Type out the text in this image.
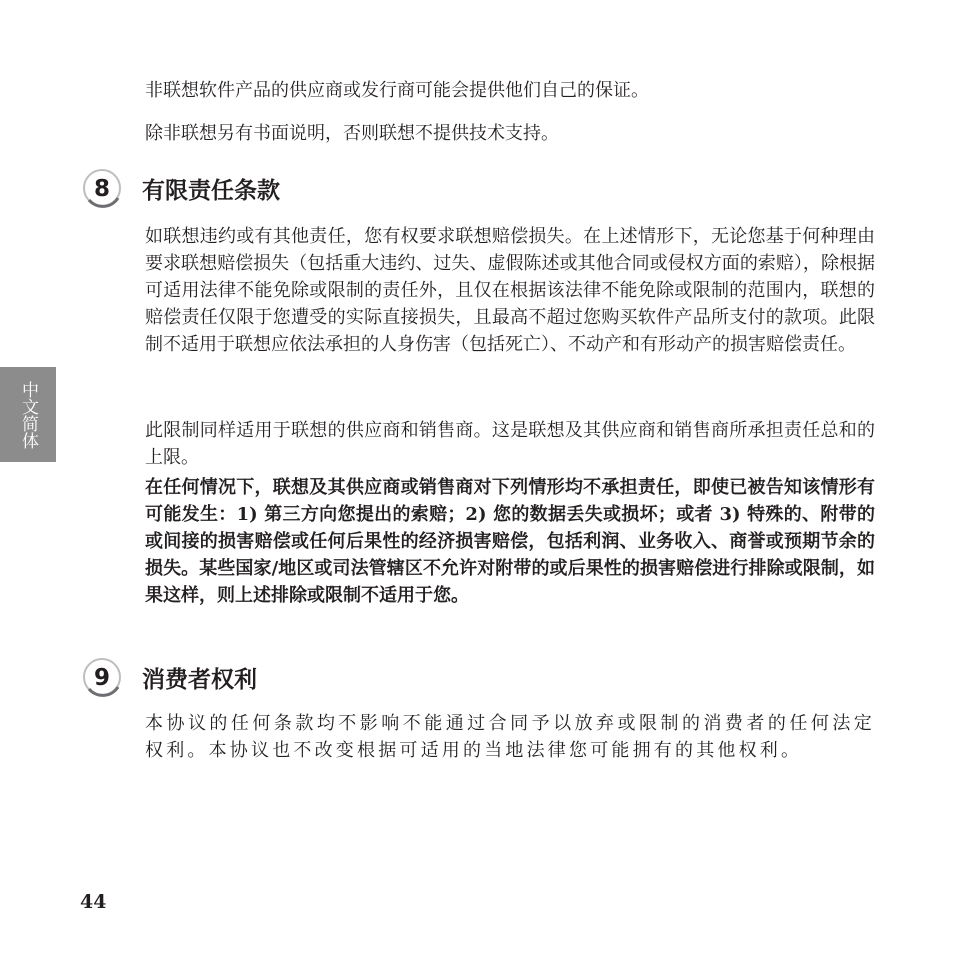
非联想软件产品的供应商或发行商可能会提供他们自己的保证。

除非联想另有书面说明，否则联想不提供技术支持。

8 有限责任条款

如联想违约或有其他责任，您有权要求联想赔偿损失。在上述情形下，无论您基于何种理由要求联想赔偿损失（包括重大违约、过失、虚假陈述或其他合同或侵权方面的索赔），除根据可适用法律不能免除或限制的责任外，且仅在根据该法律不能免除或限制的范围内，联想的赔偿责任仅限于您遭受的实际直接损失，且最高不超过您购买软件产品所支付的款项。此限制不适用于联想应依法承担的人身伤害（包括死亡）、不动产和有形动产的损害赔偿责任。

此限制同样适用于联想的供应商和销售商。这是联想及其供应商和销售商所承担责任总和的上限。

在任何情况下，联想及其供应商或销售商对下列情形均不承担责任，即使已被告知该情形有可能发生：1) 第三方向您提出的索赔；2) 您的数据丢失或损坏；或者 3) 特殊的、附带的或间接的损害赔偿或任何后果性的经济损害赔偿，包括利润、业务收入、商誉或预期节余的损失。某些国家/地区或司法管辖区不允许对附带的或后果性的损害赔偿进行排除或限制，如果这样，则上述排除或限制不适用于您。

9 消费者权利

本协议的任何条款均不影响不能通过合同予以放弃或限制的消费者的任何法定权利。本协议也不改变根据可适用的当地法律您可能拥有的其他权利。

中文简体

44
